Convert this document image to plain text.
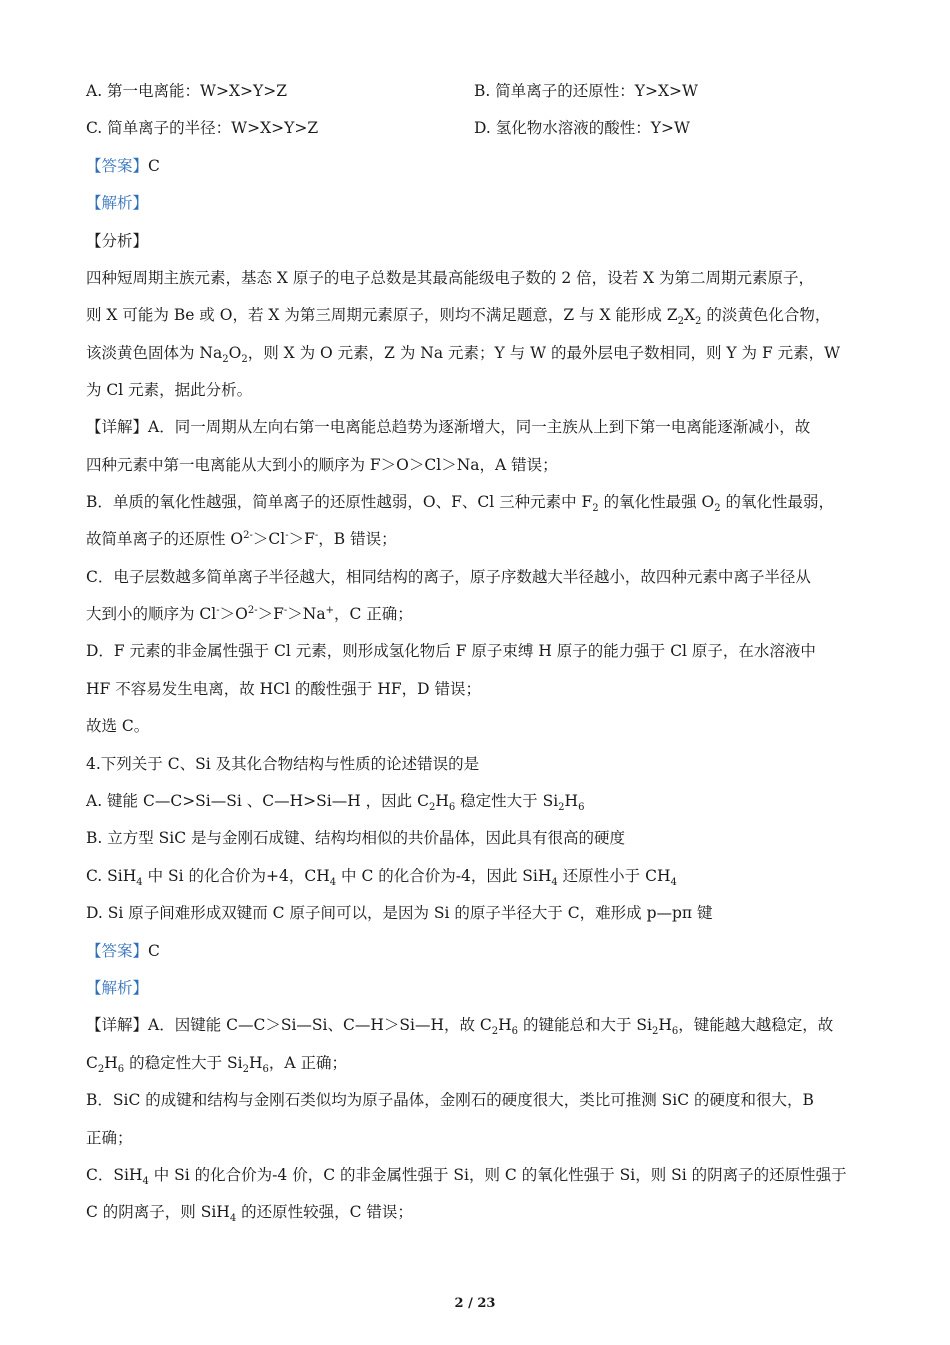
A. 第一电离能：W>X>Y>Z	B. 简单离子的还原性：Y>X>W
C. 简单离子的半径：W>X>Y>Z	D. 氢化物水溶液的酸性：Y>W
【答案】C
【解析】
【分析】
四种短周期主族元素，基态 X 原子的电子总数是其最高能级电子数的 2 倍，设若 X 为第二周期元素原子，
则 X 可能为 Be 或 O，若 X 为第三周期元素原子，则均不满足题意，Z 与 X 能形成 $Z_2X_2$ 的淡黄色化合物，
该淡黄色固体为 $Na_2O_2$，则 X 为 O 元素，Z 为 Na 元素；Y 与 W 的最外层电子数相同，则 Y 为 F 元素，W
为 Cl 元素，据此分析。
【详解】A．同一周期从左向右第一电离能总趋势为逐渐增大，同一主族从上到下第一电离能逐渐减小，故
四种元素中第一电离能从大到小的顺序为 F＞O＞Cl＞Na，A 错误；
B．单质的氧化性越强，简单离子的还原性越弱，O、F、Cl 三种元素中 $F_2$ 的氧化性最强 $O_2$ 的氧化性最弱，
故简单离子的还原性 $O^{2-}>Cl^->F^-$，B 错误；
C．电子层数越多简单离子半径越大，相同结构的离子，原子序数越大半径越小，故四种元素中离子半径从
大到小的顺序为 $Cl^->O^{2-}>F^->Na^+$，C 正确；
D．F 元素的非金属性强于 Cl 元素，则形成氢化物后 F 原子束缚 H 原子的能力强于 Cl 原子，在水溶液中
HF 不容易发生电离，故 HCl 的酸性强于 HF，D 错误；
故选 C。
4.下列关于 C、Si 及其化合物结构与性质的论述错误的是
A. 键能 C—C>Si—Si 、C—H>Si—H ，因此 $C_2H_6$ 稳定性大于 $Si_2H_6$
B. 立方型 SiC 是与金刚石成键、结构均相似的共价晶体，因此具有很高的硬度
C. SiH$_4$ 中 Si 的化合价为+4，$CH_4$ 中 C 的化合价为-4，因此 SiH$_4$ 还原性小于 $CH_4$
D. Si 原子间难形成双键而 C 原子间可以，是因为 Si 的原子半径大于 C，难形成 p—pπ 键
【答案】C
【解析】
【详解】A．因键能 C—C＞Si—Si、C—H＞Si—H，故 $C_2H_6$ 的键能总和大于 $Si_2H_6$，键能越大越稳定，故
$C_2H_6$ 的稳定性大于 $Si_2H_6$，A 正确；
B．SiC 的成键和结构与金刚石类似均为原子晶体，金刚石的硬度很大，类比可推测 SiC 的硬度和很大，B
正确；
C．SiH$_4$ 中 Si 的化合价为-4 价，C 的非金属性强于 Si，则 C 的氧化性强于 Si，则 Si 的阴离子的还原性强于
C 的阴离子，则 SiH$_4$ 的还原性较强，C 错误；
2 / 23
